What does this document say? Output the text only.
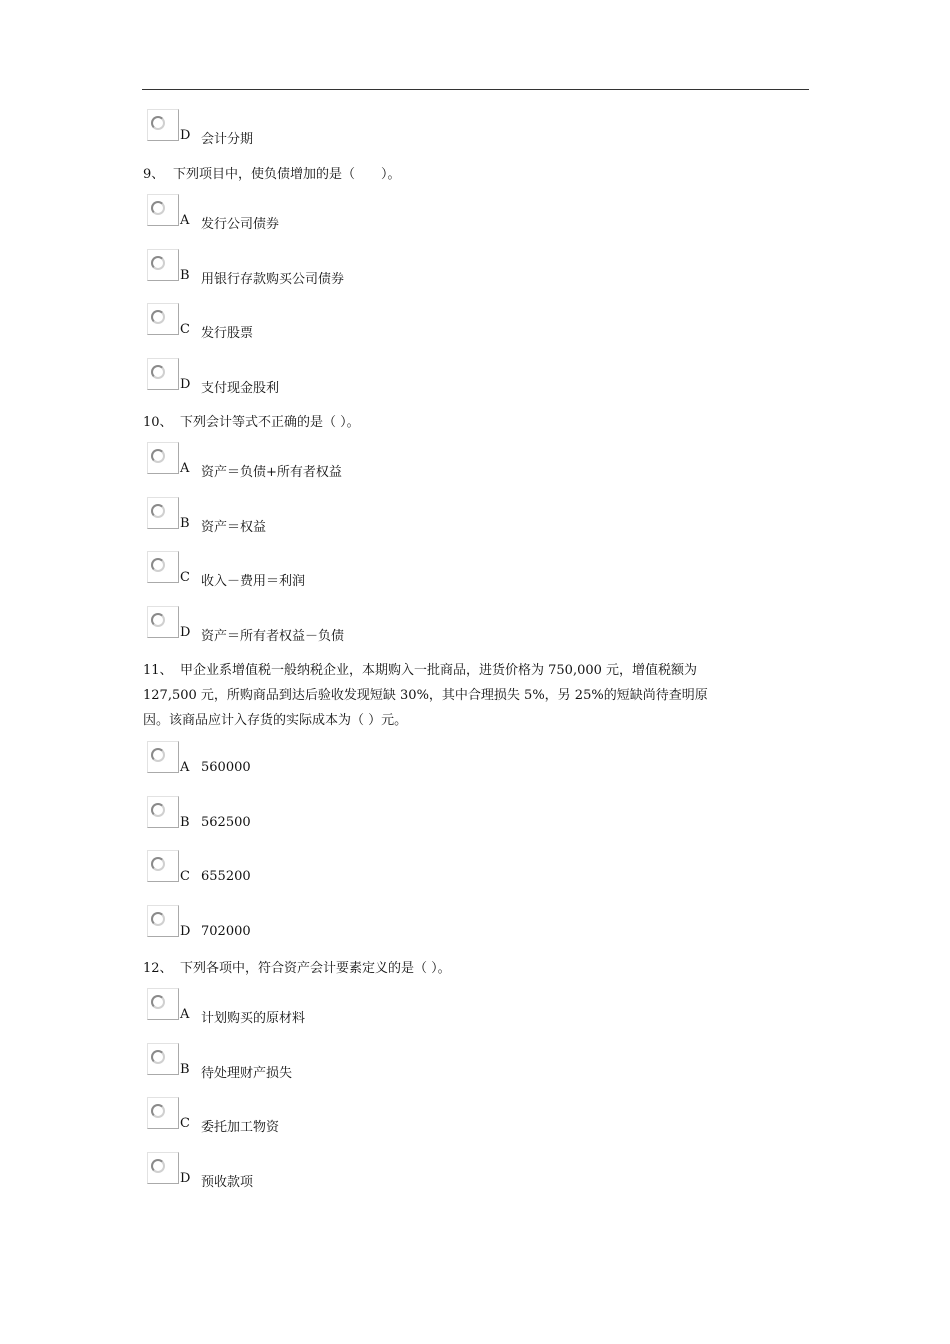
D 会计分期
9、 下列项目中，使负债增加的是（　　）。
A 发行公司债券
B 用银行存款购买公司债券
C 发行股票
D 支付现金股利
10、 下列会计等式不正确的是（ ）。
A 资产＝负债+所有者权益
B 资产＝权益
C 收入－费用＝利润
D 资产＝所有者权益－负债
11、 甲企业系增值税一般纳税企业，本期购入一批商品，进货价格为 750,000 元，增值税额为
127,500 元，所购商品到达后验收发现短缺 30%，其中合理损失 5%，另 25%的短缺尚待查明原
因。该商品应计入存货的实际成本为（ ）元。
A 560000
B 562500
C 655200
D 702000
12、 下列各项中，符合资产会计要素定义的是（ ）。
A 计划购买的原材料
B 待处理财产损失
C 委托加工物资
D 预收款项
